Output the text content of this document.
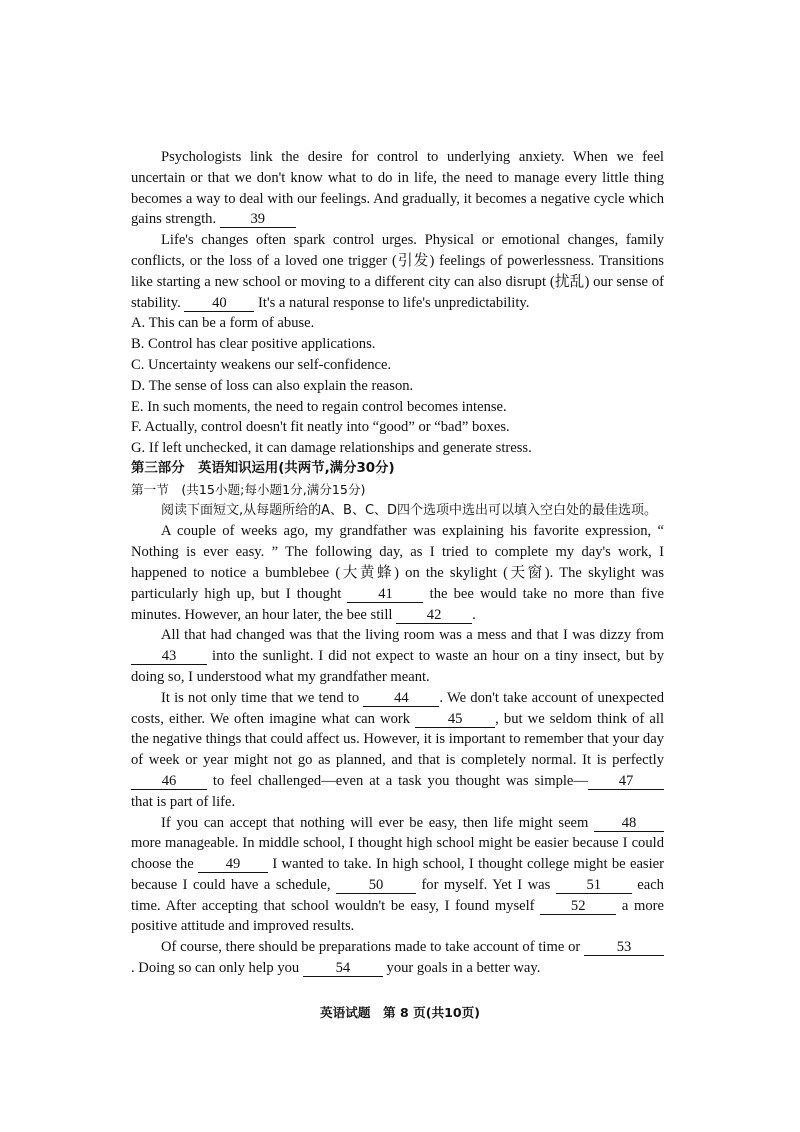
Psychologists link the desire for control to underlying anxiety. When we feel uncertain or that we don't know what to do in life, the need to manage every little thing becomes a way to deal with our feelings. And gradually, it becomes a negative cycle which gains strength. 39

Life's changes often spark control urges. Physical or emotional changes, family conflicts, or the loss of a loved one trigger (引发) feelings of powerlessness. Transitions like starting a new school or moving to a different city can also disrupt (扰乱) our sense of stability. 40 It's a natural response to life's unpredictability.

A. This can be a form of abuse.

B. Control has clear positive applications.

C. Uncertainty weakens our self-confidence.

D. The sense of loss can also explain the reason.

E. In such moments, the need to regain control becomes intense.

F. Actually, control doesn't fit neatly into “good” or “bad” boxes.

G. If left unchecked, it can damage relationships and generate stress.

第三部分　英语知识运用(共两节,满分30分)

第一节　(共15小题;每小题1分,满分15分)

阅读下面短文,从每题所给的A、B、C、D四个选项中选出可以填入空白处的最佳选项。

A couple of weeks ago, my grandfather was explaining his favorite expression, “ Nothing is ever easy. ” The following day, as I tried to complete my day's work, I happened to notice a bumblebee (大黄蜂) on the skylight (天窗). The skylight was particularly high up, but I thought 41 the bee would take no more than five minutes. However, an hour later, the bee still 42 .

All that had changed was that the living room was a mess and that I was dizzy from 43 into the sunlight. I did not expect to waste an hour on a tiny insect, but by doing so, I understood what my grandfather meant.

It is not only time that we tend to 44 . We don't take account of unexpected costs, either. We often imagine what can work 45 , but we seldom think of all the negative things that could affect us. However, it is important to remember that your day of week or year might not go as planned, and that is completely normal. It is perfectly 46 to feel challenged—even at a task you thought was simple— 47 that is part of life.

If you can accept that nothing will ever be easy, then life might seem 48 more manageable. In middle school, I thought high school might be easier because I could choose the 49 I wanted to take. In high school, I thought college might be easier because I could have a schedule, 50 for myself. Yet I was 51 each time. After accepting that school wouldn't be easy, I found myself 52 a more positive attitude and improved results.

Of course, there should be preparations made to take account of time or 53. Doing so can only help you 54 your goals in a better way.

英语试题　第 8 页(共10页)
